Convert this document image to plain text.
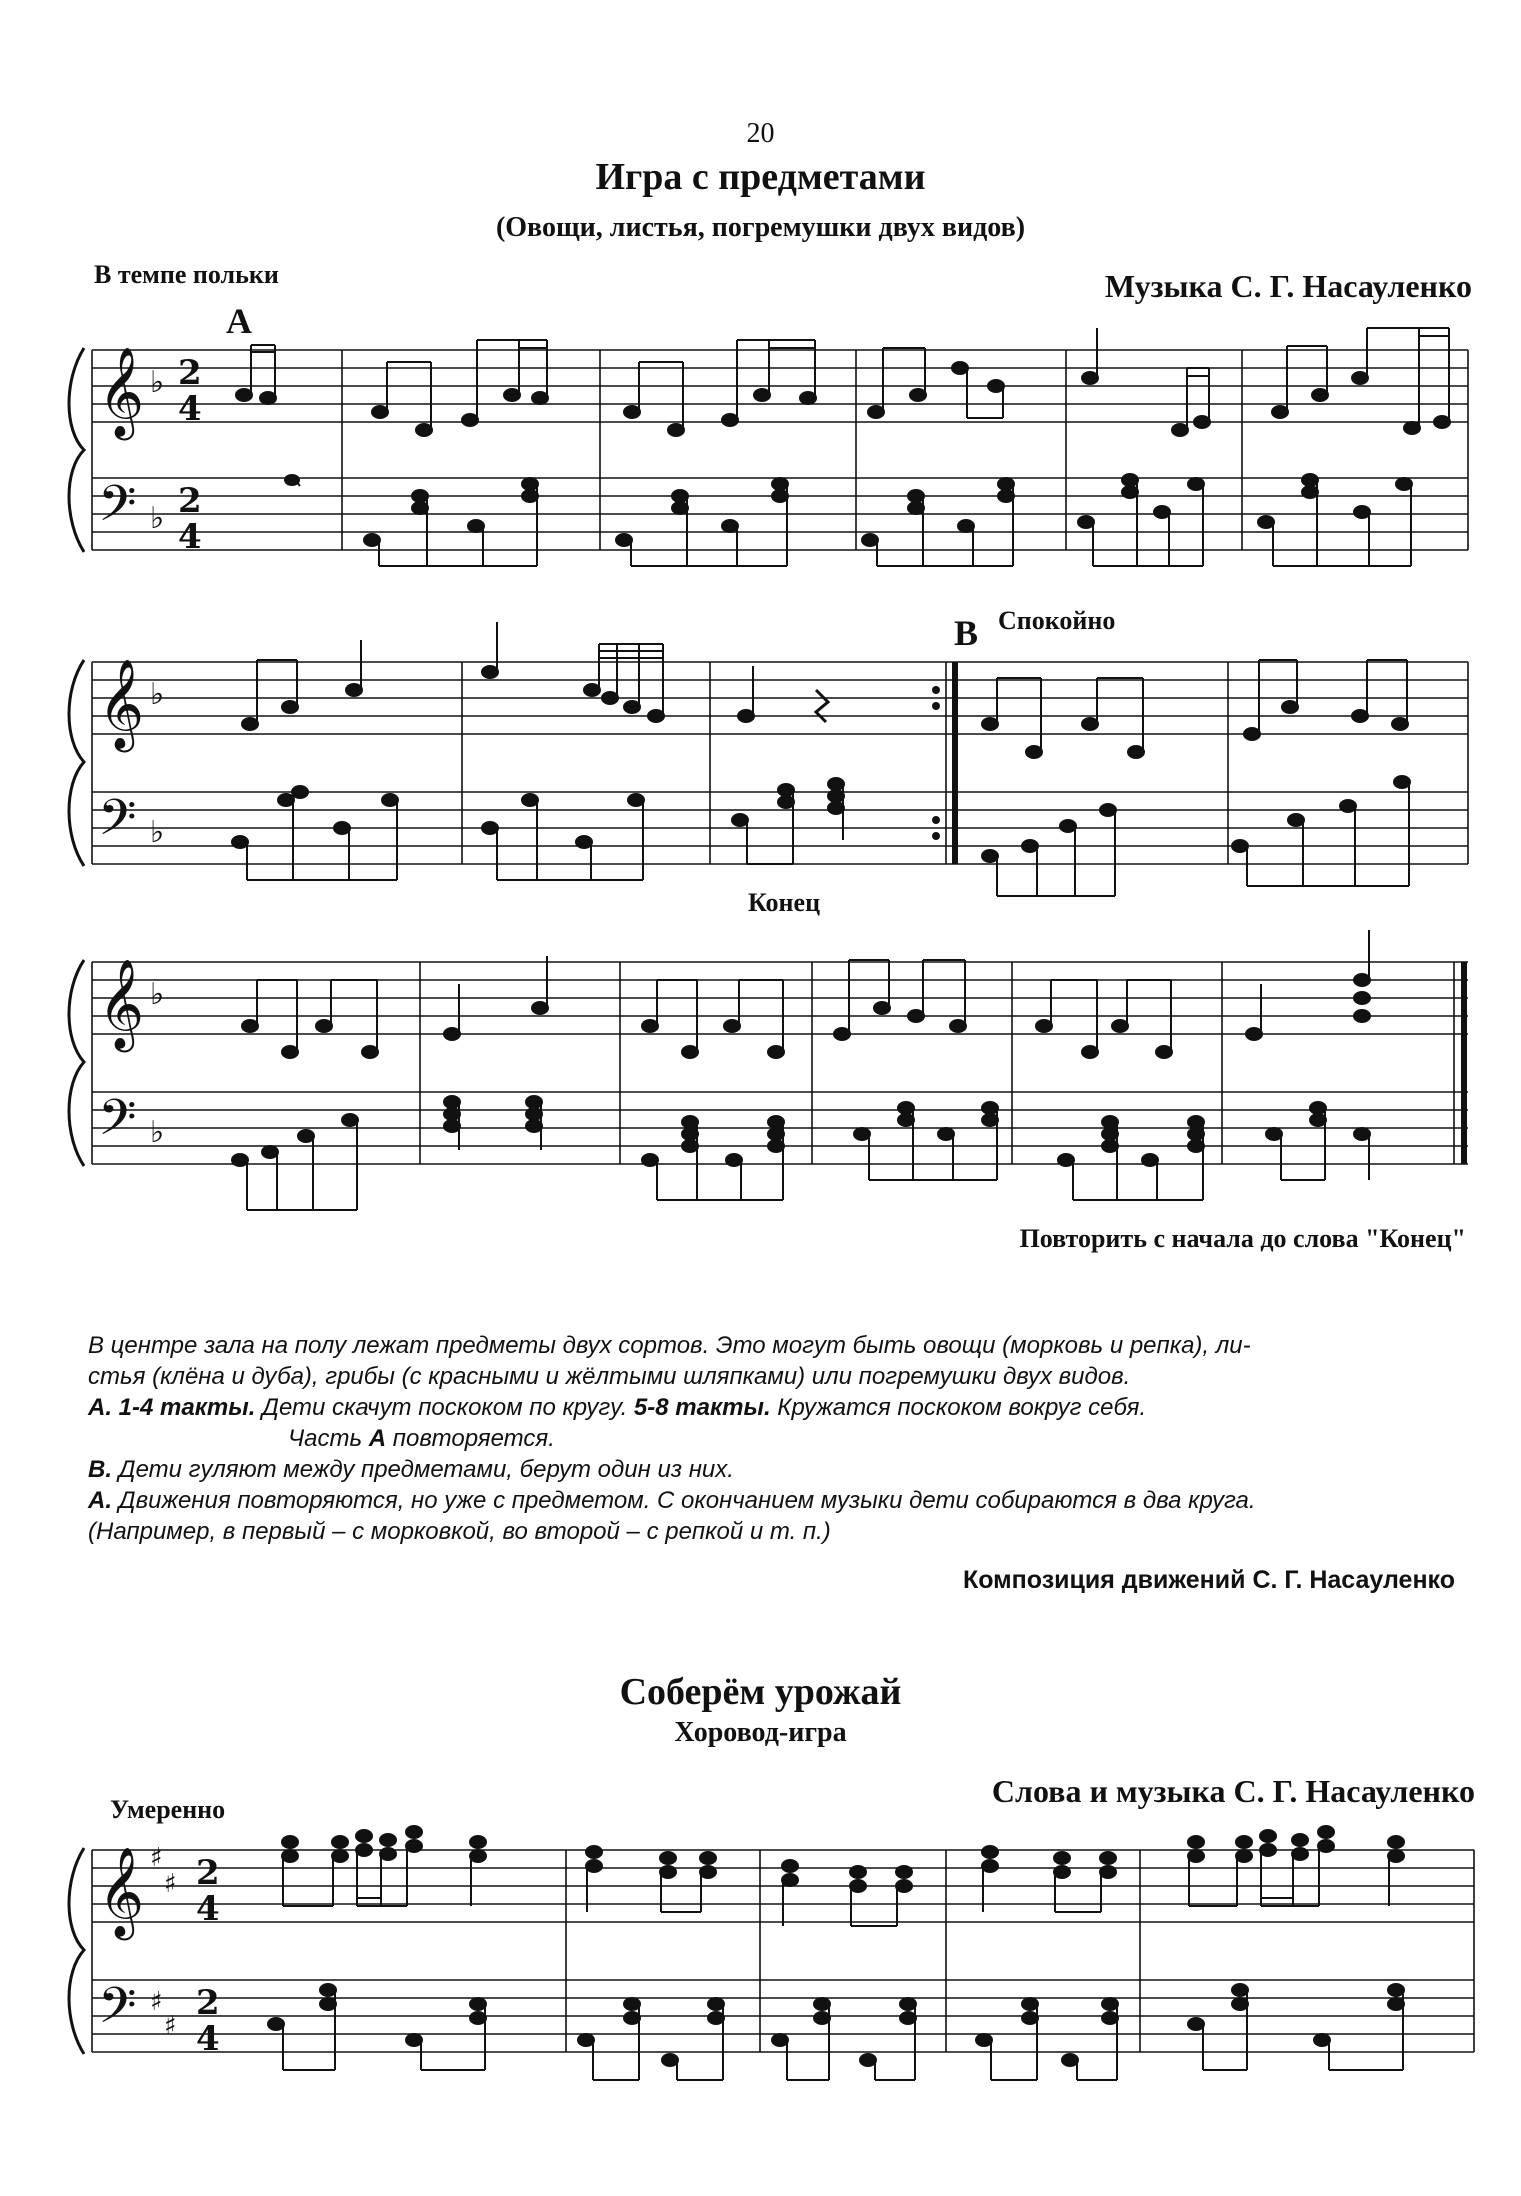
20
Игра с предметами
(Овощи, листья, погремушки двух видов)
В темпе польки	Музыка С. Г. Насауленко
А
В Спокойно
Конец
Повторить с начала до слова "Конец"
𝄞
𝄢
𝄞
𝄢
𝄞
𝄢
𝄞
𝄢
♭
♭
♭
♭
♭
♭
♯
♯
♯
♯
2
4
2
4
2
4
2
4

В центре зала на полу лежат предметы двух сортов. Это могут быть овощи (морковь и репка), ли-

стья (клёна и дуба), грибы (с красными и жёлтыми шляпками) или погремушки двух видов.

А. 1-4 такты. Дети скачут поскоком по кругу. 5-8 такты. Кружатся поскоком вокруг себя.

Часть А повторяется.

В. Дети гуляют между предметами, берут один из них.

А. Движения повторяются, но уже с предметом. С окончанием музыки дети собираются в два круга.

(Например, в первый – с морковкой, во второй – с репкой и т. п.)

Композиция движений С. Г. Насауленко
Соберём урожай
Хоровод-игра
Слова и музыка С. Г. Насауленко
Умеренно
